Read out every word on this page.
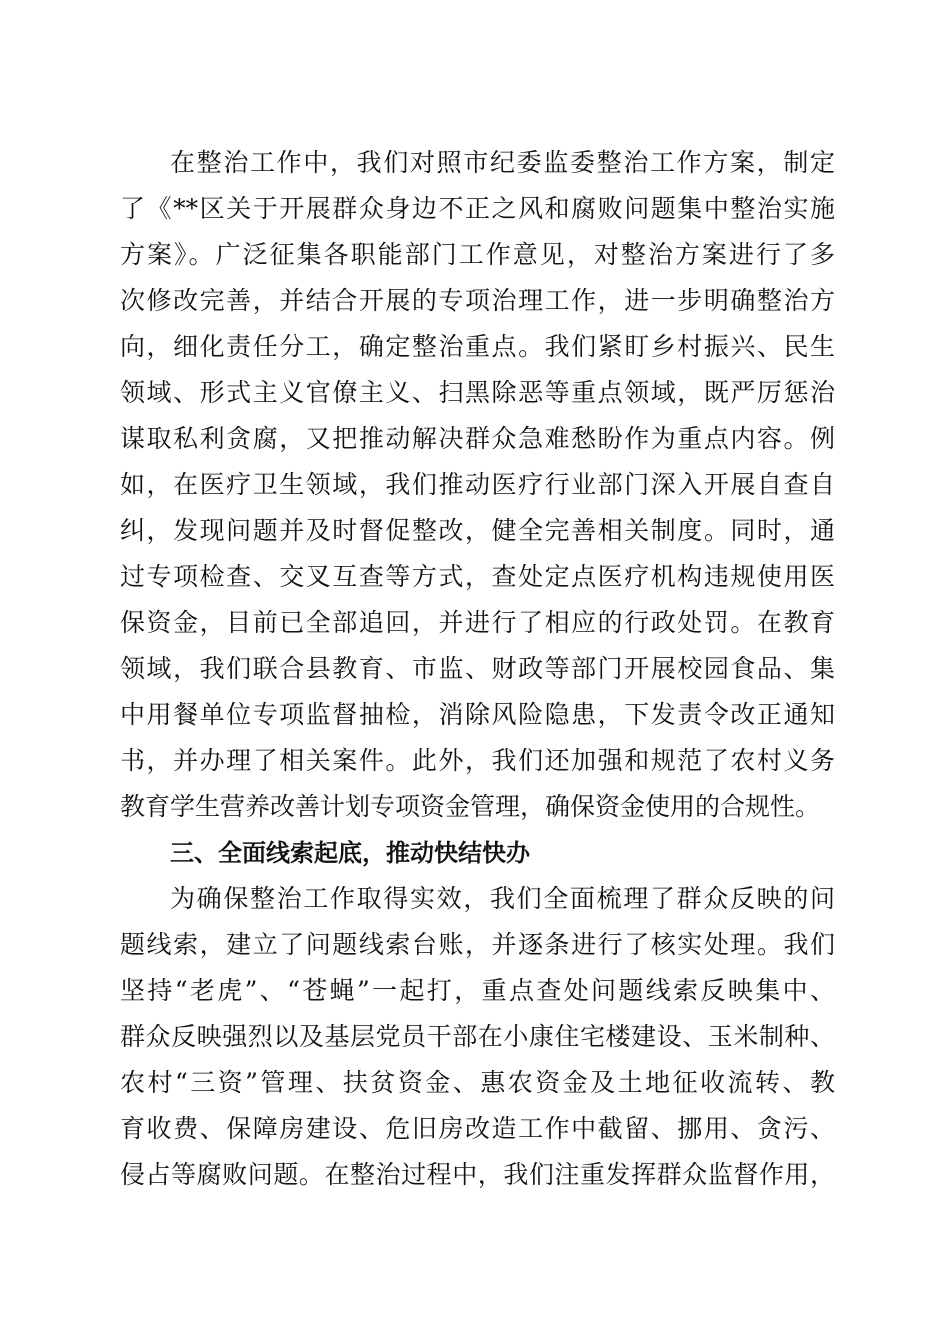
在整治工作中，我们对照市纪委监委整治工作方案，制定
了《**区关于开展群众身边不正之风和腐败问题集中整治实施
方案》。广泛征集各职能部门工作意见，对整治方案进行了多
次修改完善，并结合开展的专项治理工作，进一步明确整治方
向，细化责任分工，确定整治重点。我们紧盯乡村振兴、民生
领域、形式主义官僚主义、扫黑除恶等重点领域，既严厉惩治
谋取私利贪腐，又把推动解决群众急难愁盼作为重点内容。例
如，在医疗卫生领域，我们推动医疗行业部门深入开展自查自
纠，发现问题并及时督促整改，健全完善相关制度。同时，通
过专项检查、交叉互查等方式，查处定点医疗机构违规使用医
保资金，目前已全部追回，并进行了相应的行政处罚。在教育
领域，我们联合县教育、市监、财政等部门开展校园食品、集
中用餐单位专项监督抽检，消除风险隐患，下发责令改正通知
书，并办理了相关案件。此外，我们还加强和规范了农村义务
教育学生营养改善计划专项资金管理，确保资金使用的合规性。
三、全面线索起底，推动快结快办
为确保整治工作取得实效，我们全面梳理了群众反映的问
题线索，建立了问题线索台账，并逐条进行了核实处理。我们
坚持“老虎”、“苍蝇”一起打，重点查处问题线索反映集中、
群众反映强烈以及基层党员干部在小康住宅楼建设、玉米制种、
农村“三资”管理、扶贫资金、惠农资金及土地征收流转、教
育收费、保障房建设、危旧房改造工作中截留、挪用、贪污、
侵占等腐败问题。在整治过程中，我们注重发挥群众监督作用，
